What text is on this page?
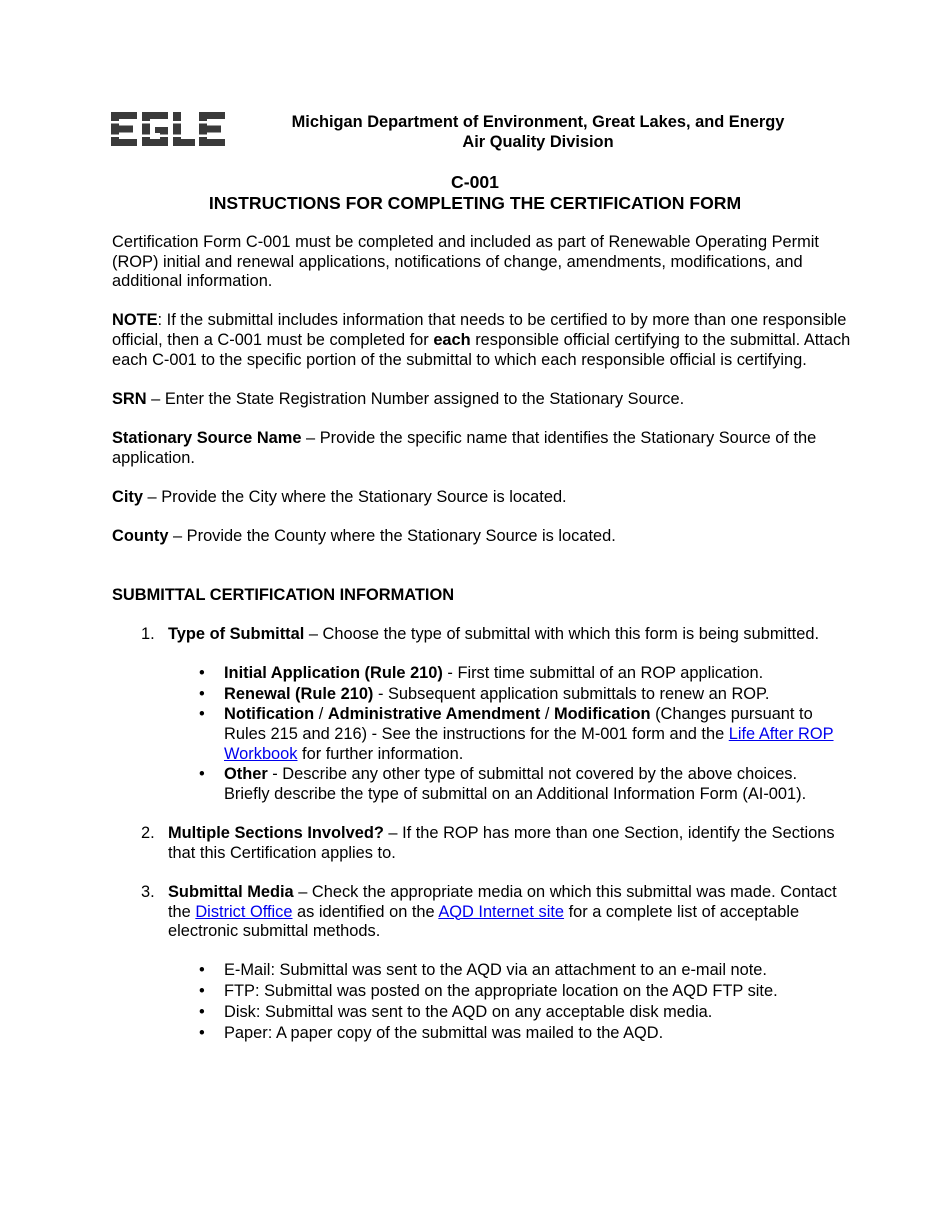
Michigan Department of Environment, Great Lakes, and Energy
Air Quality Division
C-001
INSTRUCTIONS FOR COMPLETING THE CERTIFICATION FORM

Certification Form C-001 must be completed and included as part of Renewable Operating Permit (ROP) initial and renewal applications, notifications of change, amendments, modifications, and additional information.

NOTE: If the submittal includes information that needs to be certified to by more than one responsible official, then a C-001 must be completed for each responsible official certifying to the submittal. Attach each C-001 to the specific portion of the submittal to which each responsible official is certifying.

SRN – Enter the State Registration Number assigned to the Stationary Source.

Stationary Source Name – Provide the specific name that identifies the Stationary Source of the application.

City – Provide the City where the Stationary Source is located.

County – Provide the County where the Stationary Source is located.

SUBMITTAL CERTIFICATION INFORMATION
1. Type of Submittal – Choose the type of submittal with which this form is being submitted.
• Initial Application (Rule 210) - First time submittal of an ROP application.
• Renewal (Rule 210) - Subsequent application submittals to renew an ROP.
• Notification / Administrative Amendment / Modification (Changes pursuant to Rules 215 and 216) - See the instructions for the M-001 form and the Life After ROP Workbook for further information.
• Other - Describe any other type of submittal not covered by the above choices. Briefly describe the type of submittal on an Additional Information Form (AI-001).
2. Multiple Sections Involved? – If the ROP has more than one Section, identify the Sections that this Certification applies to.
3. Submittal Media – Check the appropriate media on which this submittal was made. Contact the District Office as identified on the AQD Internet site for a complete list of acceptable electronic submittal methods.
• E-Mail: Submittal was sent to the AQD via an attachment to an e-mail note.
• FTP: Submittal was posted on the appropriate location on the AQD FTP site.
• Disk: Submittal was sent to the AQD on any acceptable disk media.
• Paper: A paper copy of the submittal was mailed to the AQD.
